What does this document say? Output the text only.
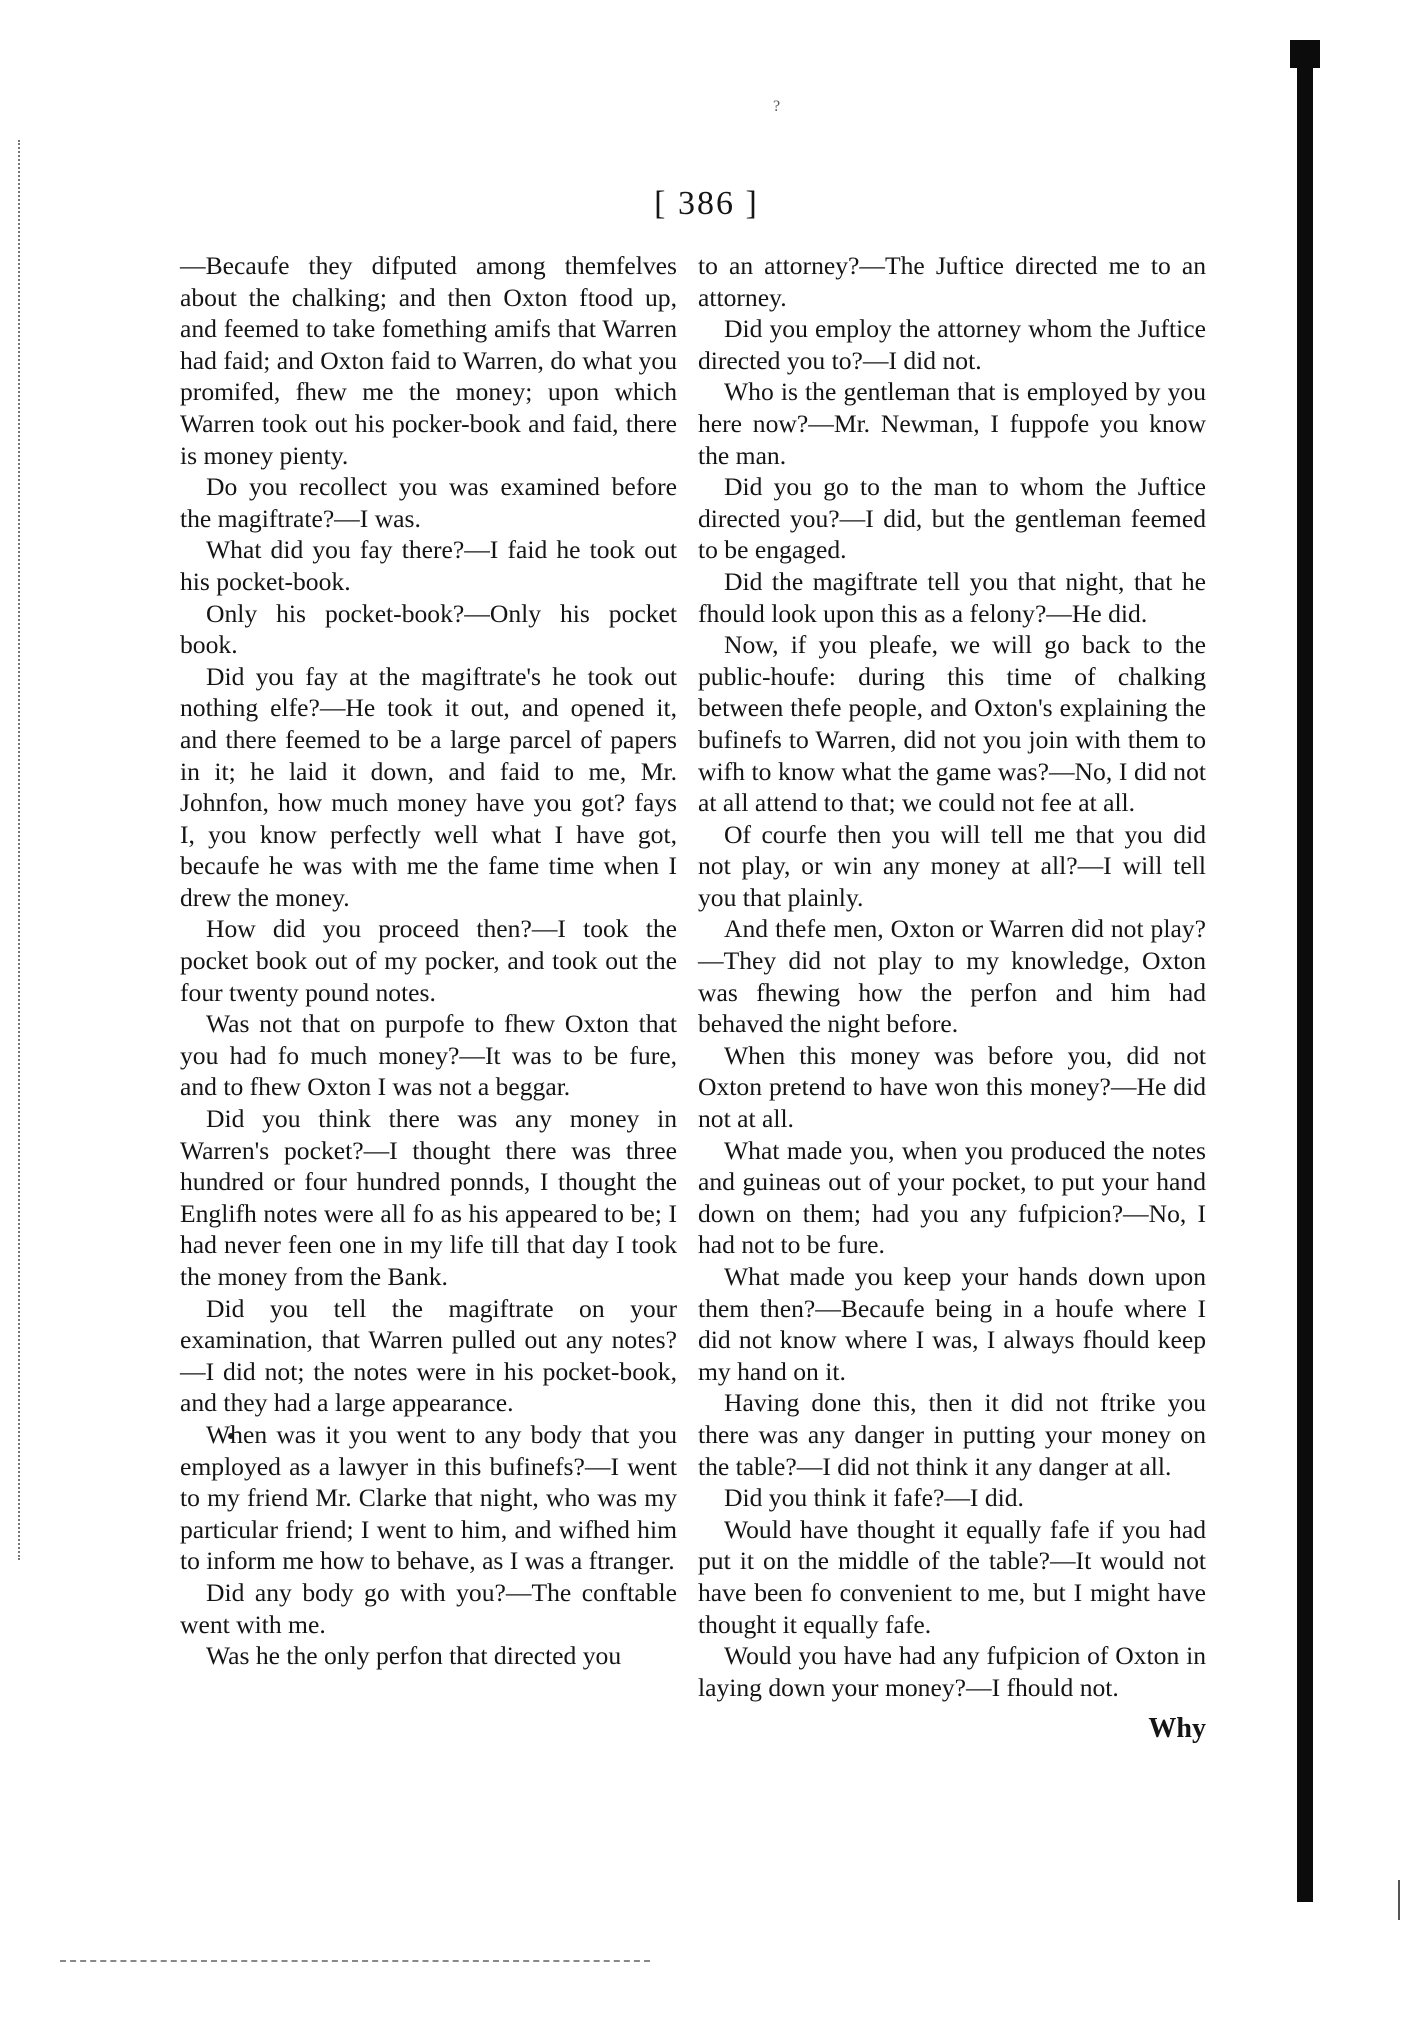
?
[ 386 ]

—Becaufe they difputed among themfelves about the chalking; and then Oxton ftood up, and feemed to take fomething amifs that Warren had faid; and Oxton faid to Warren, do what you promifed, fhew me the money; upon which Warren took out his pocker-book and faid, there is money pienty.

Do you recollect you was examined before the magiftrate?—I was.

What did you fay there?—I faid he took out his pocket-book.

Only his pocket-book?—Only his pocket book.

Did you fay at the magiftrate's he took out nothing elfe?—He took it out, and opened it, and there feemed to be a large parcel of papers in it; he laid it down, and faid to me, Mr. Johnfon, how much money have you got? fays I, you know perfectly well what I have got, becaufe he was with me the fame time when I drew the money.

How did you proceed then?—I took the pocket book out of my pocker, and took out the four twenty pound notes.

Was not that on purpofe to fhew Oxton that you had fo much money?—It was to be fure, and to fhew Oxton I was not a beggar.

Did you think there was any money in Warren's pocket?—I thought there was three hundred or four hundred ponnds, I thought the Englifh notes were all fo as his appeared to be; I had never feen one in my life till that day I took the money from the Bank.

Did you tell the magiftrate on your examination, that Warren pulled out any notes?—I did not; the notes were in his pocket-book, and they had a large appearance.

When was it you went to any body that you employed as a lawyer in this bufinefs?—I went to my friend Mr. Clarke that night, who was my particular friend; I went to him, and wifhed him to inform me how to behave, as I was a ftranger.

Did any body go with you?—The conftable went with me.

Was he the only perfon that directed you

to an attorney?—The Juftice directed me to an attorney.

Did you employ the attorney whom the Juftice directed you to?—I did not.

Who is the gentleman that is employed by you here now?—Mr. Newman, I fuppofe you know the man.

Did you go to the man to whom the Juftice directed you?—I did, but the gentleman feemed to be engaged.

Did the magiftrate tell you that night, that he fhould look upon this as a felony?—He did.

Now, if you pleafe, we will go back to the public-houfe: during this time of chalking between thefe people, and Oxton's explaining the bufinefs to Warren, did not you join with them to wifh to know what the game was?—No, I did not at all attend to that; we could not fee at all.

Of courfe then you will tell me that you did not play, or win any money at all?—I will tell you that plainly.

And thefe men, Oxton or Warren did not play?—They did not play to my knowledge, Oxton was fhewing how the perfon and him had behaved the night before.

When this money was before you, did not Oxton pretend to have won this money?—He did not at all.

What made you, when you produced the notes and guineas out of your pocket, to put your hand down on them; had you any fufpicion?—No, I had not to be fure.

What made you keep your hands down upon them then?—Becaufe being in a houfe where I did not know where I was, I always fhould keep my hand on it.

Having done this, then it did not ftrike you there was any danger in putting your money on the table?—I did not think it any danger at all.

Did you think it fafe?—I did.

Would have thought it equally fafe if you had put it on the middle of the table?—It would not have been fo convenient to me, but I might have thought it equally fafe.

Would you have had any fufpicion of Oxton in laying down your money?—I fhould not.

Why
